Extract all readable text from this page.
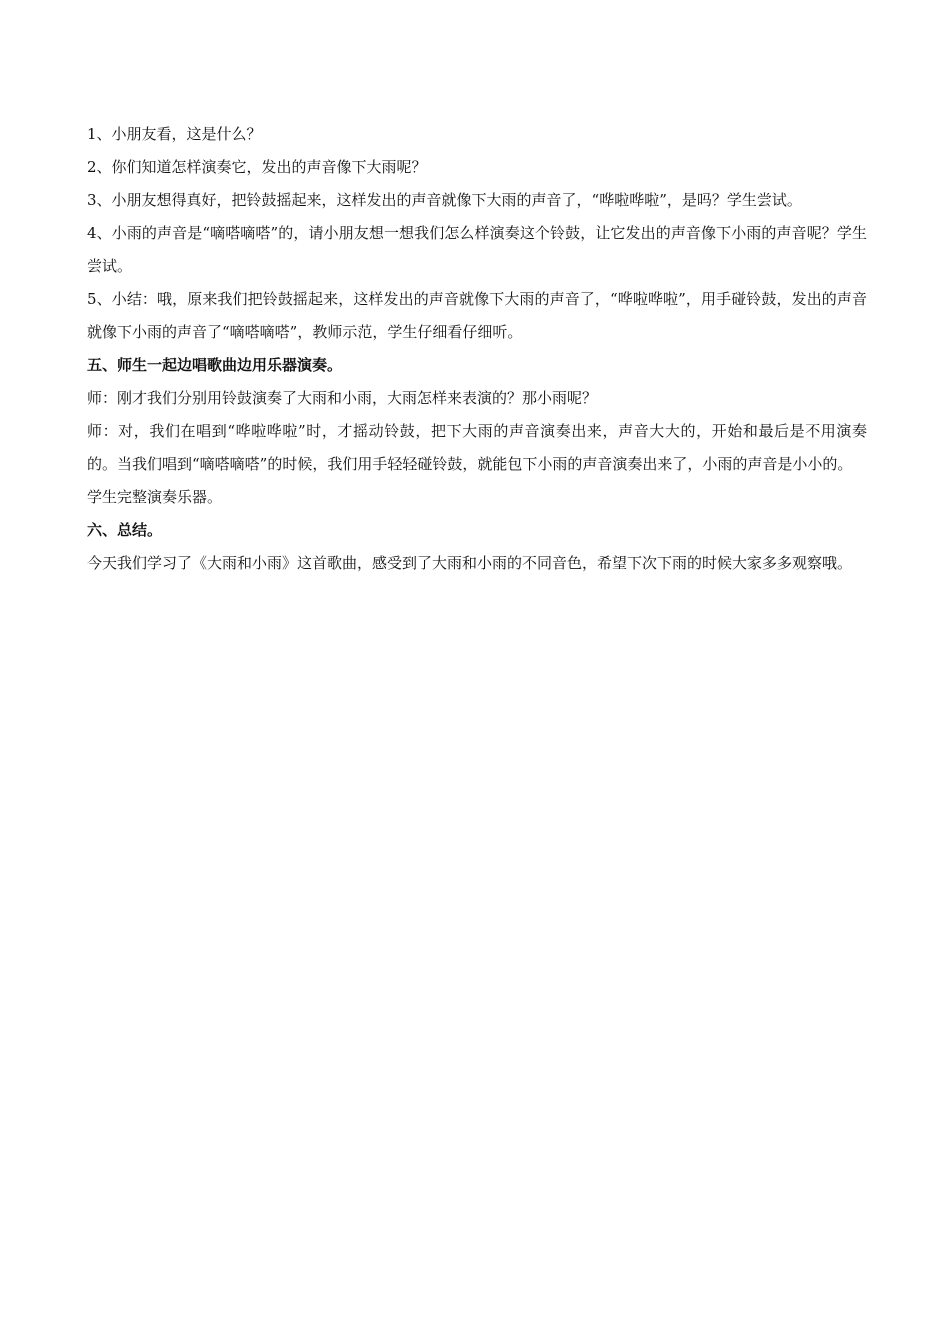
1、小朋友看，这是什么？

2、你们知道怎样演奏它，发出的声音像下大雨呢？

3、小朋友想得真好，把铃鼓摇起来，这样发出的声音就像下大雨的声音了，“哗啦哗啦”，是吗？学生尝试。

4、小雨的声音是“嘀嗒嘀嗒”的，请小朋友想一想我们怎么样演奏这个铃鼓，让它发出的声音像下小雨的声音呢？学生尝试。

5、小结：哦，原来我们把铃鼓摇起来，这样发出的声音就像下大雨的声音了，“哗啦哗啦”，用手碰铃鼓，发出的声音就像下小雨的声音了“嘀嗒嘀嗒”，教师示范，学生仔细看仔细听。

五、师生一起边唱歌曲边用乐器演奏。

师：刚才我们分别用铃鼓演奏了大雨和小雨，大雨怎样来表演的？那小雨呢？

师：对，我们在唱到“哗啦哗啦”时，才摇动铃鼓，把下大雨的声音演奏出来，声音大大的，开始和最后是不用演奏的。当我们唱到“嘀嗒嘀嗒”的时候，我们用手轻轻碰铃鼓，就能包下小雨的声音演奏出来了，小雨的声音是小小的。

学生完整演奏乐器。

六、总结。

今天我们学习了《大雨和小雨》这首歌曲，感受到了大雨和小雨的不同音色，希望下次下雨的时候大家多多观察哦。
